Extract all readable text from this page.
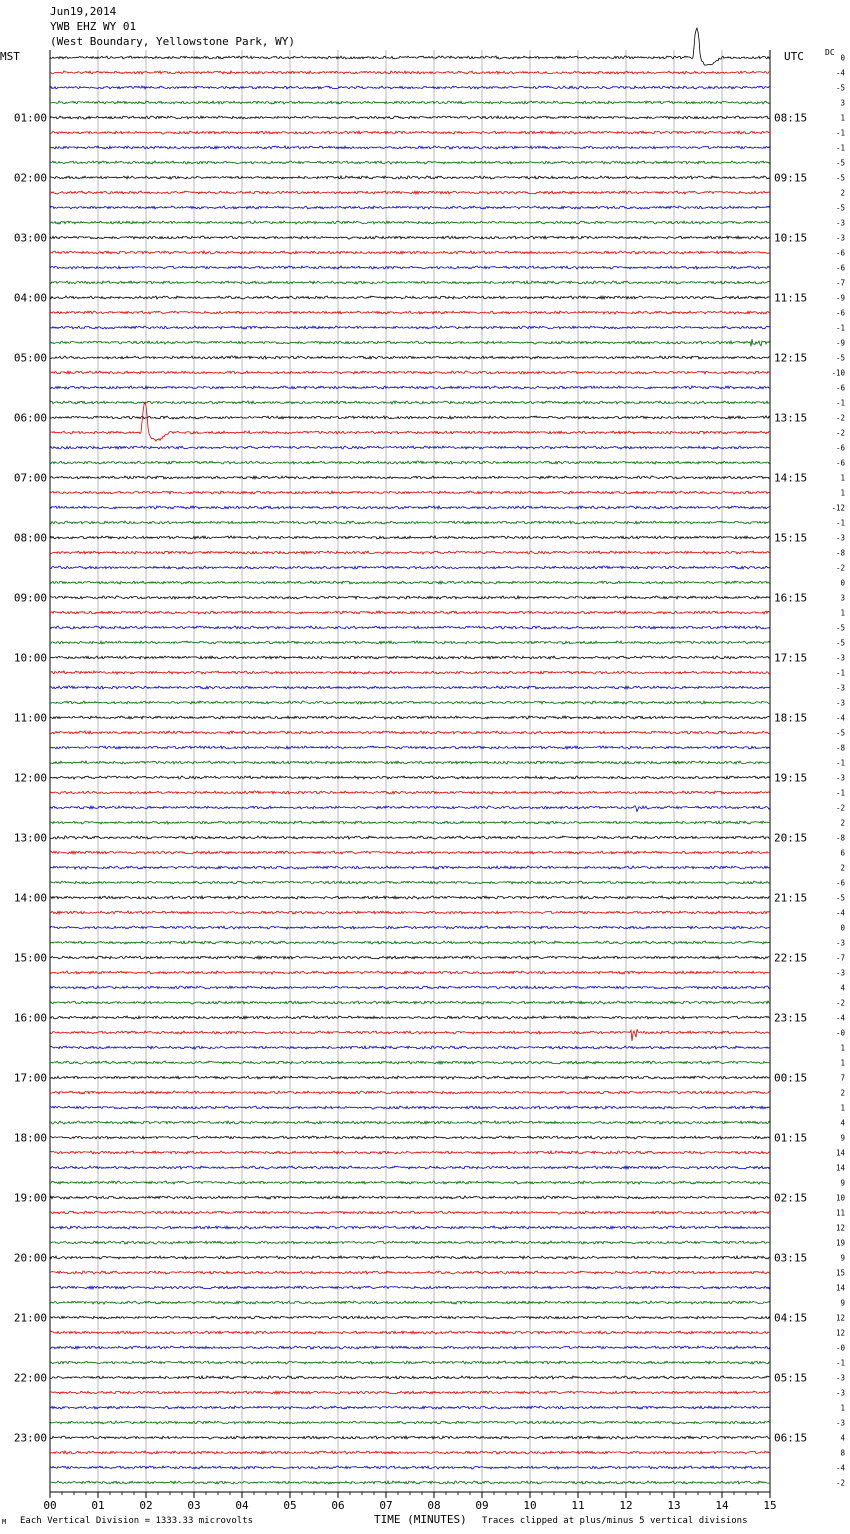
Jun19,2014
YWB EHZ WY 01
(West Boundary, Yellowstone Park, WY)
MST	UTC	DC
0
-4
-5
3
1
-1
-1
-5
-5
2
-5
-3
-3
-6
-6
-7
-9
-6
-1
-9
-5
-10
-6
-1
-2
-2
-6
-6
1
1
-12
-1
-3
-8
-2
0
3
1
-5
-5
-3
-1
-3
-3
-4
-5
-8
-1
-3
-1
-2
2
-8
6
2
-6
-5
-4
0
-3
-7
-3
4
-2
-4
-0
1
1
7
2
1
4
9
14
14
9
10
11
12
19
9
15
14
9
12
12
-0
-1
-3
-3
1
-3
4
8
-4
-2
01:00	08:15
02:00	09:15
03:00	10:15
04:00	11:15
05:00	12:15
06:00	13:15
07:00	14:15
08:00	15:15
09:00	16:15
10:00	17:15
11:00	18:15
12:00	19:15
13:00	20:15
14:00	21:15
15:00	22:15
16:00	23:15
17:00	00:15
18:00	01:15
19:00	02:15
20:00	03:15
21:00	04:15
22:00	05:15
23:00	06:15
00	01	02	03	04	05	06	07	08	09	10	11	12	13	14	15
Each Vertical Division = 1333.33 microvolts	TIME (MINUTES) Traces clipped at plus/minus 5 vertical divisions
M
